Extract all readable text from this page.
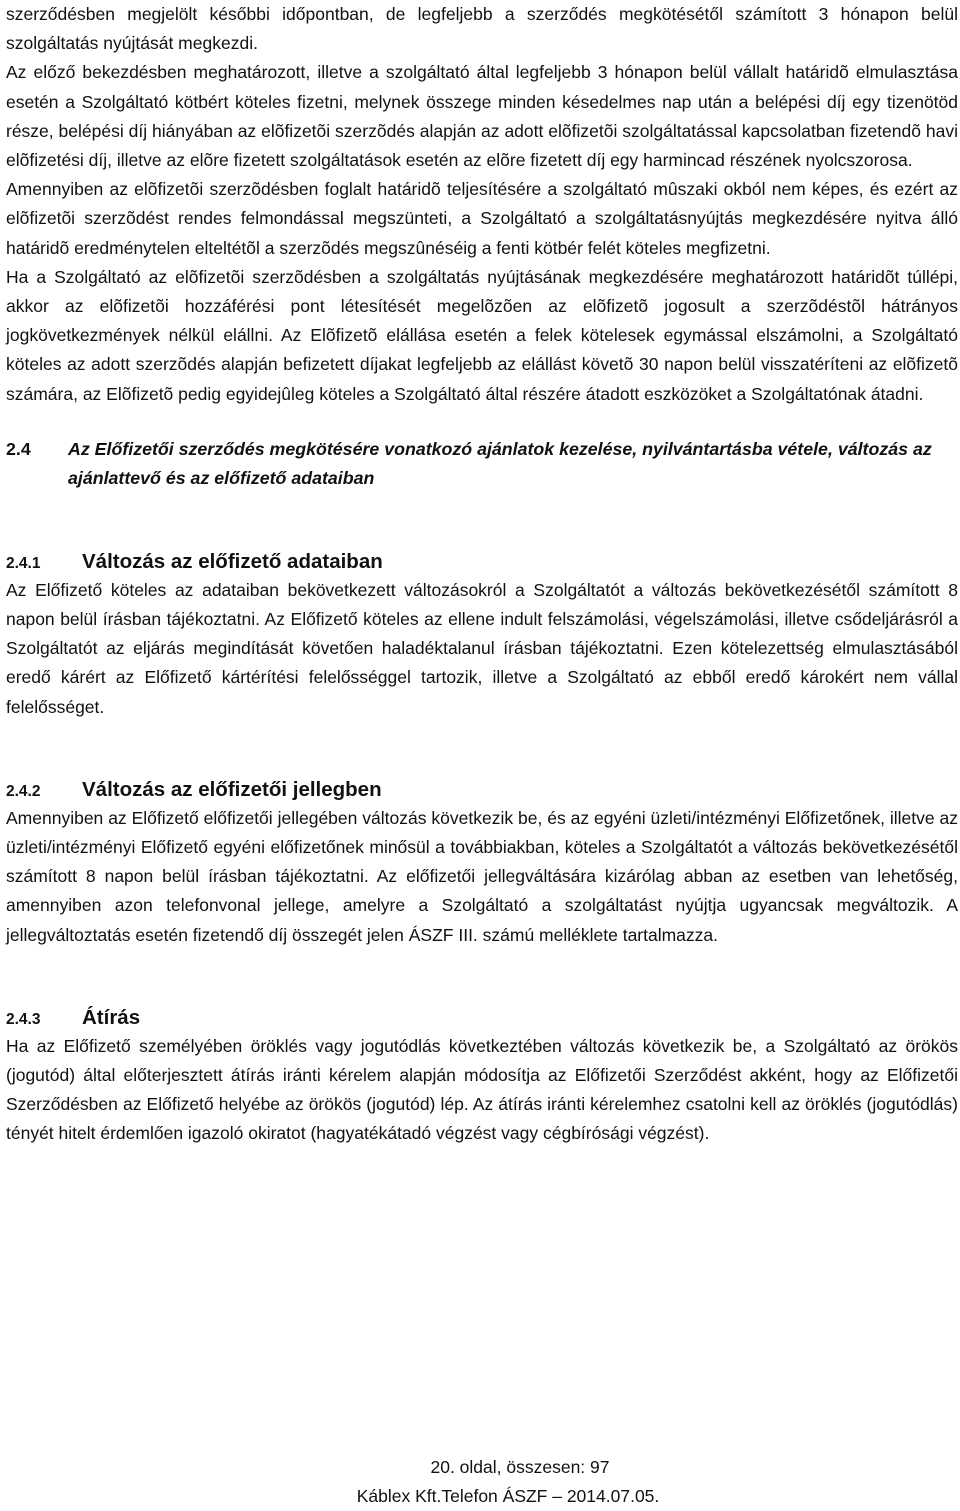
szerződésben megjelölt későbbi időpontban, de legfeljebb a szerződés megkötésétől számított 3 hónapon belül szolgáltatás nyújtását megkezdi.

Az előző bekezdésben meghatározott, illetve a szolgáltató által legfeljebb 3 hónapon belül vállalt határidõ elmulasztása esetén a Szolgáltató kötbért köteles fizetni, melynek összege minden késedelmes nap után a belépési díj egy tizenötöd része, belépési díj hiányában az elõfizetõi szerzõdés alapján az adott elõfizetõi szolgáltatással kapcsolatban fizetendõ havi elõfizetési díj, illetve az elõre fizetett szolgáltatások esetén az elõre fizetett díj egy harmincad részének nyolcszorosa.

Amennyiben az elõfizetõi szerzõdésben foglalt határidõ teljesítésére a szolgáltató mûszaki okból nem képes, és ezért az elõfizetõi szerzõdést rendes felmondással megszünteti, a Szolgáltató a szolgáltatásnyújtás megkezdésére nyitva álló határidõ eredménytelen elteltétõl a szerzõdés megszûnéséig a fenti kötbér felét köteles megfizetni.

Ha a Szolgáltató az elõfizetõi szerzõdésben a szolgáltatás nyújtásának megkezdésére meghatározott határidõt túllépi, akkor az elõfizetõi hozzáférési pont létesítését megelõzõen az elõfizetõ jogosult a szerzõdéstõl hátrányos jogkövetkezmények nélkül elállni. Az Elõfizetõ elállása esetén a felek kötelesek egymással elszámolni, a Szolgáltató köteles az adott szerzõdés alapján befizetett díjakat legfeljebb az elállást követõ 30 napon belül visszatéríteni az elõfizetõ számára, az Elõfizetõ pedig egyidejûleg köteles a Szolgáltató által részére átadott eszközöket a Szolgáltatónak átadni.

2.4	Az Előfizetői szerződés megkötésére vonatkozó ajánlatok kezelése, nyilvántartásba vétele, változás az ajánlattevő és az előfizető adataiban
2.4.1	Változás az előfizető adataiban

Az Előfizető köteles az adataiban bekövetkezett változásokról a Szolgáltatót a változás bekövetkezésétől számított 8 napon belül írásban tájékoztatni. Az Előfizető köteles az ellene indult felszámolási, végelszámolási, illetve csődeljárásról a Szolgáltatót az eljárás megindítását követően haladéktalanul írásban tájékoztatni. Ezen kötelezettség elmulasztásából eredő kárért az Előfizető kártérítési felelősséggel tartozik, illetve a Szolgáltató az ebből eredő károkért nem vállal felelősséget.

2.4.2	Változás az előfizetői jellegben

Amennyiben az Előfizető előfizetői jellegében változás következik be, és az egyéni üzleti/intézményi Előfizetőnek, illetve az üzleti/intézményi Előfizető egyéni előfizetőnek minősül a továbbiakban, köteles a Szolgáltatót a változás bekövetkezésétől számított 8 napon belül írásban tájékoztatni. Az előfizetői jellegváltására kizárólag abban az esetben van lehetőség, amennyiben azon telefonvonal jellege, amelyre a Szolgáltató a szolgáltatást nyújtja ugyancsak megváltozik. A jellegváltoztatás esetén fizetendő díj összegét jelen ÁSZF III. számú melléklete tartalmazza.

2.4.3	Átírás

Ha az Előfizető személyében öröklés vagy jogutódlás következtében változás következik be, a Szolgáltató az örökös (jogutód) által előterjesztett átírás iránti kérelem alapján módosítja az Előfizetői Szerződést akként, hogy az Előfizetői Szerződésben az Előfizető helyébe az örökös (jogutód) lép. Az átírás iránti kérelemhez csatolni kell az öröklés (jogutódlás) tényét hitelt érdemlően igazoló okiratot (hagyatékátadó végzést vagy cégbírósági végzést).

20. oldal, összesen: 97
Káblex Kft.Telefon ÁSZF – 2014.07.05.
